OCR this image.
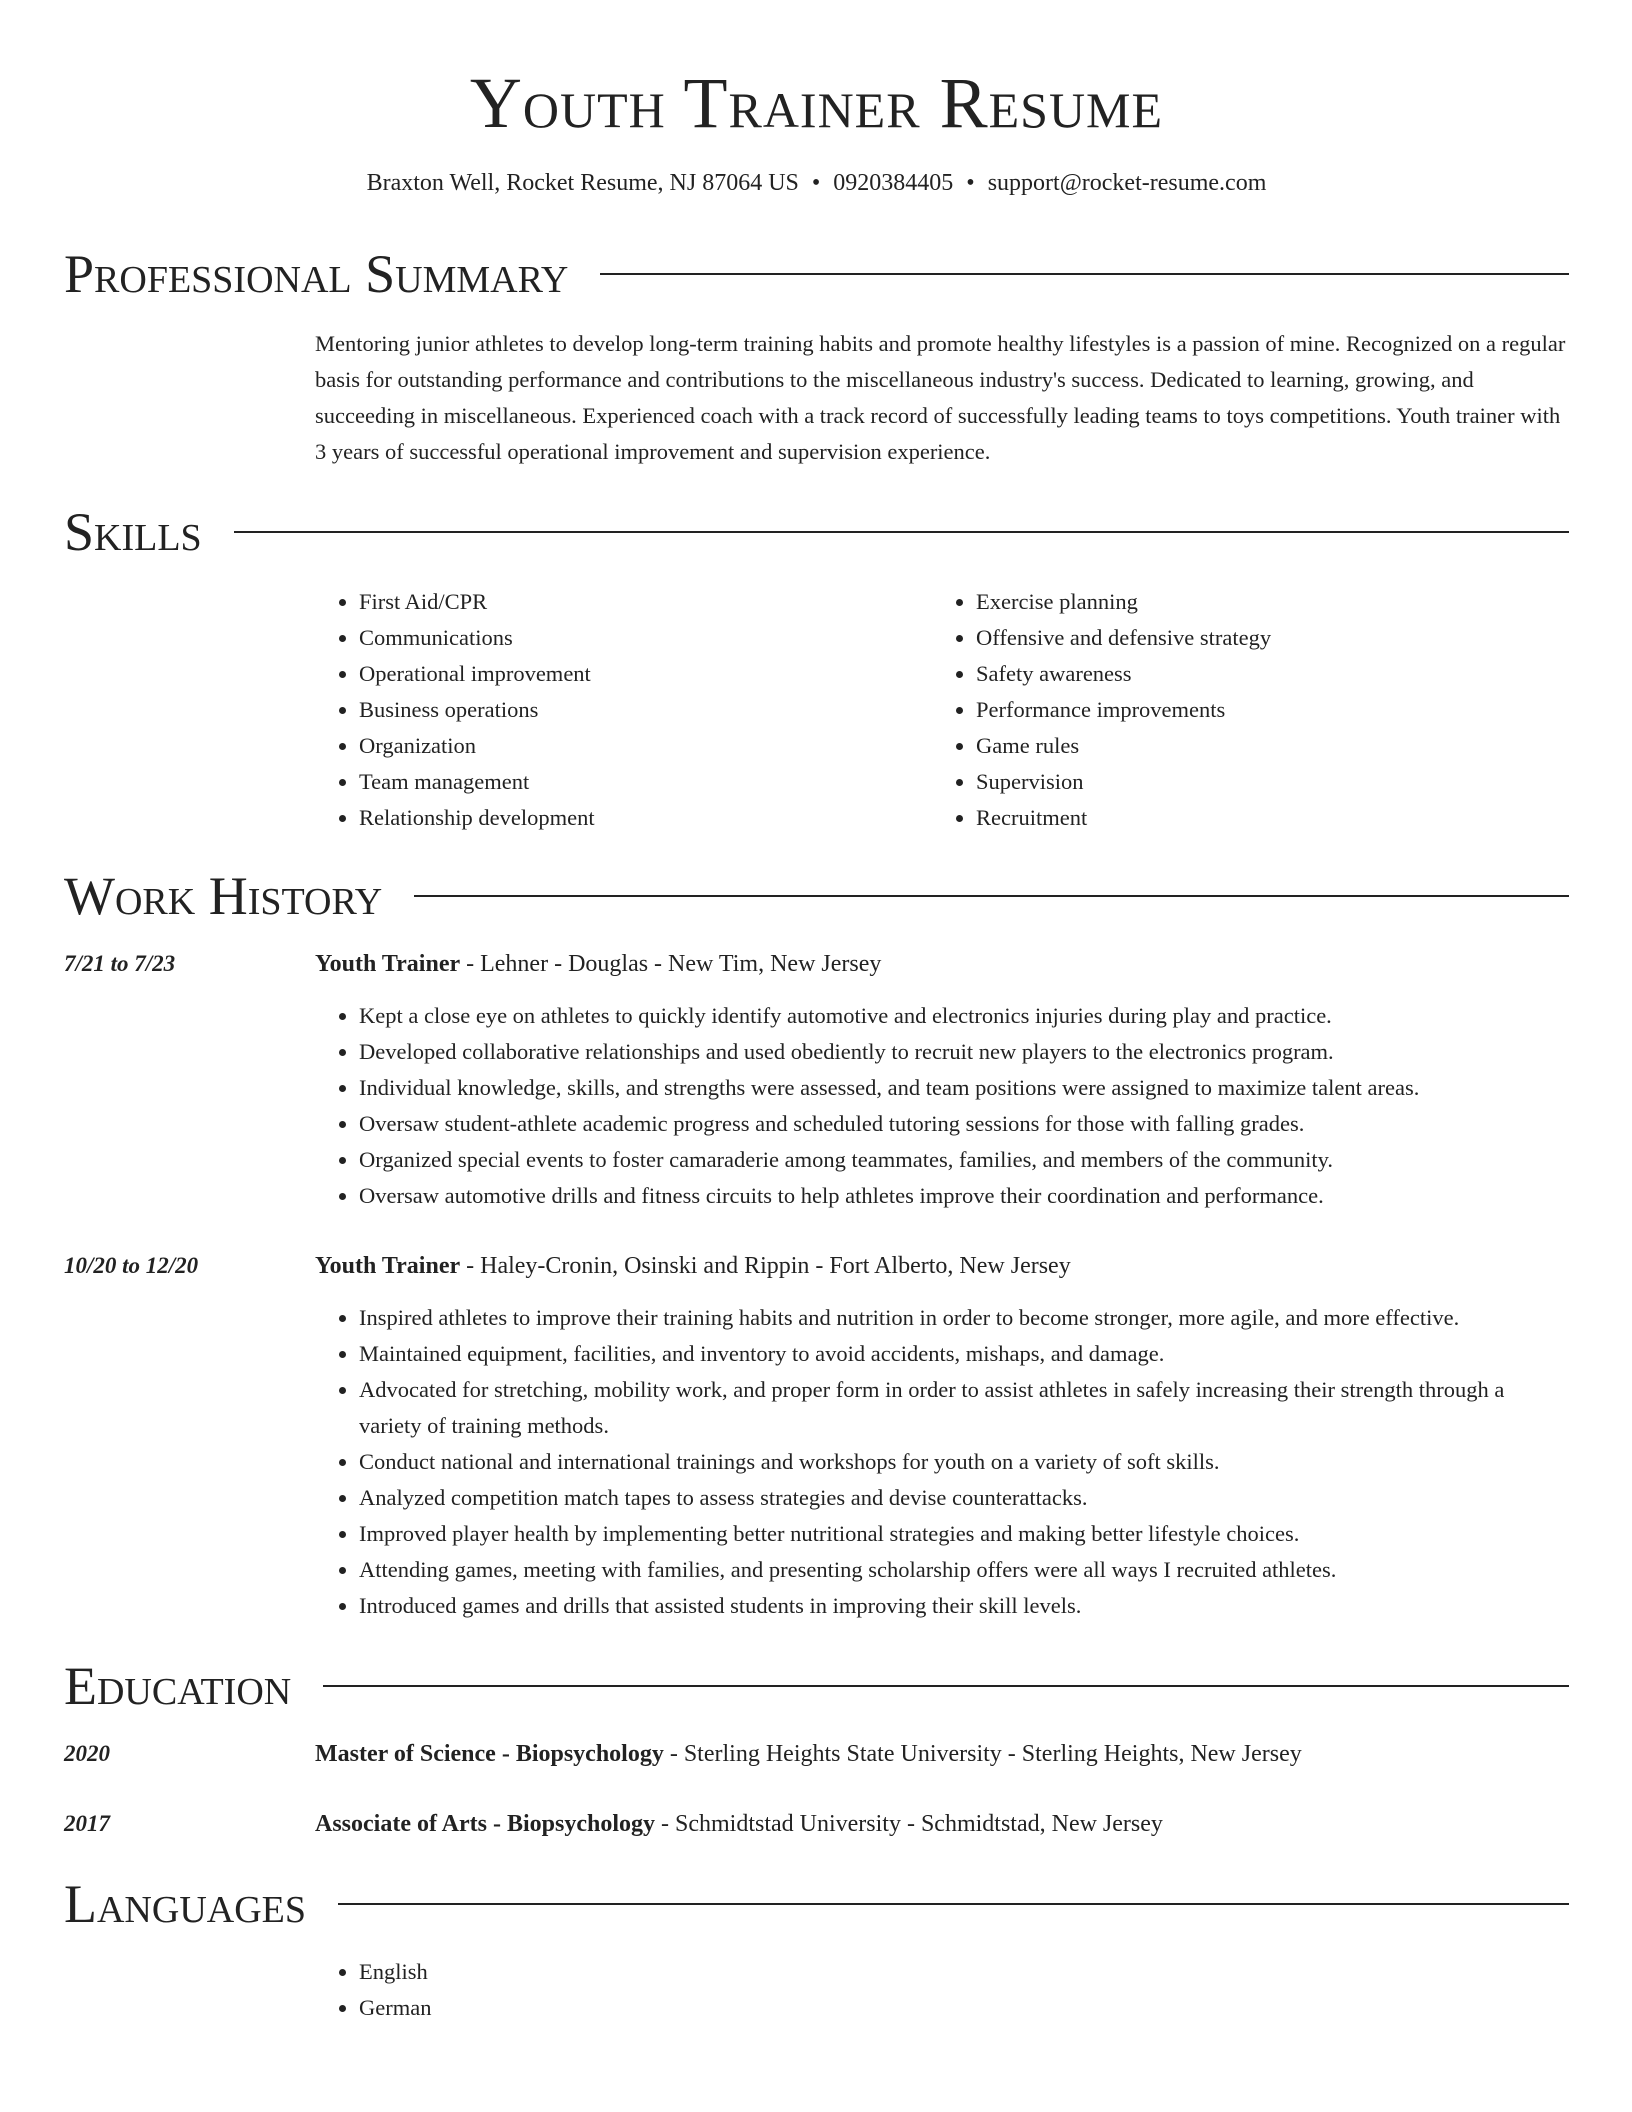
Youth Trainer Resume
Braxton Well, Rocket Resume, NJ 87064 US • 0920384405 • support@rocket-resume.com
Professional Summary
Mentoring junior athletes to develop long-term training habits and promote healthy lifestyles is a passion of mine. Recognized on a regular basis for outstanding performance and contributions to the miscellaneous industry's success. Dedicated to learning, growing, and succeeding in miscellaneous. Experienced coach with a track record of successfully leading teams to toys competitions. Youth trainer with 3 years of successful operational improvement and supervision experience.
Skills
• First Aid/CPR
• Communications
• Operational improvement
• Business operations
• Organization
• Team management
• Relationship development
• Exercise planning
• Offensive and defensive strategy
• Safety awareness
• Performance improvements
• Game rules
• Supervision
• Recruitment
Work History
7/21 to 7/23	Youth Trainer - Lehner - Douglas - New Tim, New Jersey
• Kept a close eye on athletes to quickly identify automotive and electronics injuries during play and practice.
• Developed collaborative relationships and used obediently to recruit new players to the electronics program.
• Individual knowledge, skills, and strengths were assessed, and team positions were assigned to maximize talent areas.
• Oversaw student-athlete academic progress and scheduled tutoring sessions for those with falling grades.
• Organized special events to foster camaraderie among teammates, families, and members of the community.
• Oversaw automotive drills and fitness circuits to help athletes improve their coordination and performance.
10/20 to 12/20	Youth Trainer - Haley-Cronin, Osinski and Rippin - Fort Alberto, New Jersey
• Inspired athletes to improve their training habits and nutrition in order to become stronger, more agile, and more effective.
• Maintained equipment, facilities, and inventory to avoid accidents, mishaps, and damage.
• Advocated for stretching, mobility work, and proper form in order to assist athletes in safely increasing their strength through a variety of training methods.
• Conduct national and international trainings and workshops for youth on a variety of soft skills.
• Analyzed competition match tapes to assess strategies and devise counterattacks.
• Improved player health by implementing better nutritional strategies and making better lifestyle choices.
• Attending games, meeting with families, and presenting scholarship offers were all ways I recruited athletes.
• Introduced games and drills that assisted students in improving their skill levels.
Education
2020	Master of Science - Biopsychology - Sterling Heights State University - Sterling Heights, New Jersey
2017	Associate of Arts - Biopsychology - Schmidtstad University - Schmidtstad, New Jersey
Languages
• English
• German
